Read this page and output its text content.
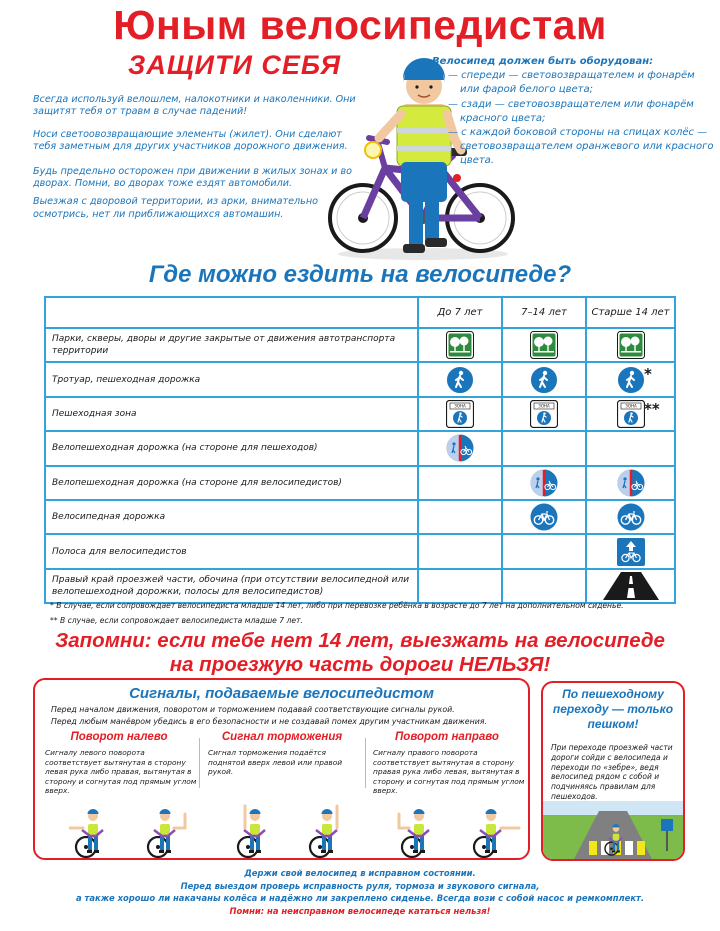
Юным велосипедистам
ЗАЩИТИ СЕБЯ

Всегда используй велошлем, налокотники и наколенники. Они защитят тебя от травм в случае падений!

Носи светоовозвращающие элементы (жилет). Они сделают тебя заметным для других участников дорожного движения.

Будь предельно осторожен при движении в жилых зонах и во дворах. Помни, во дворах тоже ездят автомобили.

Выезжая с дворовой территории, из арки, внимательно осмотрись, нет ли приближающихся автомашин.

Велосипед должен быть оборудован:
— спереди — световозвращателем и фонарём или фарой белого цвета;
— сзади — световозвращателем или фонарём красного цвета;
— с каждой боковой стороны на спицах колёс — световозвращателем оранжевого или красного цвета.
Где можно ездить на велосипеде?
	До 7 лет	7–14 лет	Старше 14 лет
Парки, скверы, дворы и другие закрытые от движения автотранспорта территории			
Тротуар, пешеходная дорожка			*

Пешеходная зона			**

Велопешеходная дорожка (на стороне для пешеходов)			
Велопешеходная дорожка (на стороне для велосипедистов)			
Велосипедная дорожка			
Полоса для велосипедистов			
Правый край проезжей части, обочина (при отсутствии велосипедной или велопешеходной дорожки, полосы для велосипедистов)			
* В случае, если сопровождает велосипедиста младше 14 лет, либо при перевозке ребёнка в возрасте до 7 лет на дополнительном сиденье.
** В случае, если сопровождает велосипедиста младше 7 лет.
Запомни: если тебе нет 14 лет, выезжать на велосипеде
на проезжую часть дороги НЕЛЬЗЯ!
Сигналы, подаваемые велосипедистом
Перед началом движения, поворотом и торможением подавай соответствующие сигналы рукой.
Перед любым манёвром убедись в его безопасности и не создавай помех другим участникам движения.
Поворот налево
Сигналу левого поворота соответствует вытянутая в сторону левая рука либо правая, вытянутая в сторону и согнутая под прямым углом вверх.
Сигнал торможения
Сигнал торможения подаётся поднятой вверх левой или правой рукой.
Поворот направо
Сигналу правого поворота соответствует вытянутая в сторону правая рука либо левая, вытянутая в сторону и согнутая под прямым углом вверх.
По пешеходному переходу — только пешком!
При переходе проезжей части дороги сойди с велосипеда и переходи по «зебре», ведя велосипед рядом с собой и подчиняясь правилам для пешеходов.
Держи свой велосипед в исправном состоянии.
Перед выездом проверь исправность руля, тормоза и звукового сигнала,
а также хорошо ли накачаны колёса и надёжно ли закреплено сиденье. Всегда вози с собой насос и ремкомплект.
Помни: на неисправном велосипеде кататься нельзя!
